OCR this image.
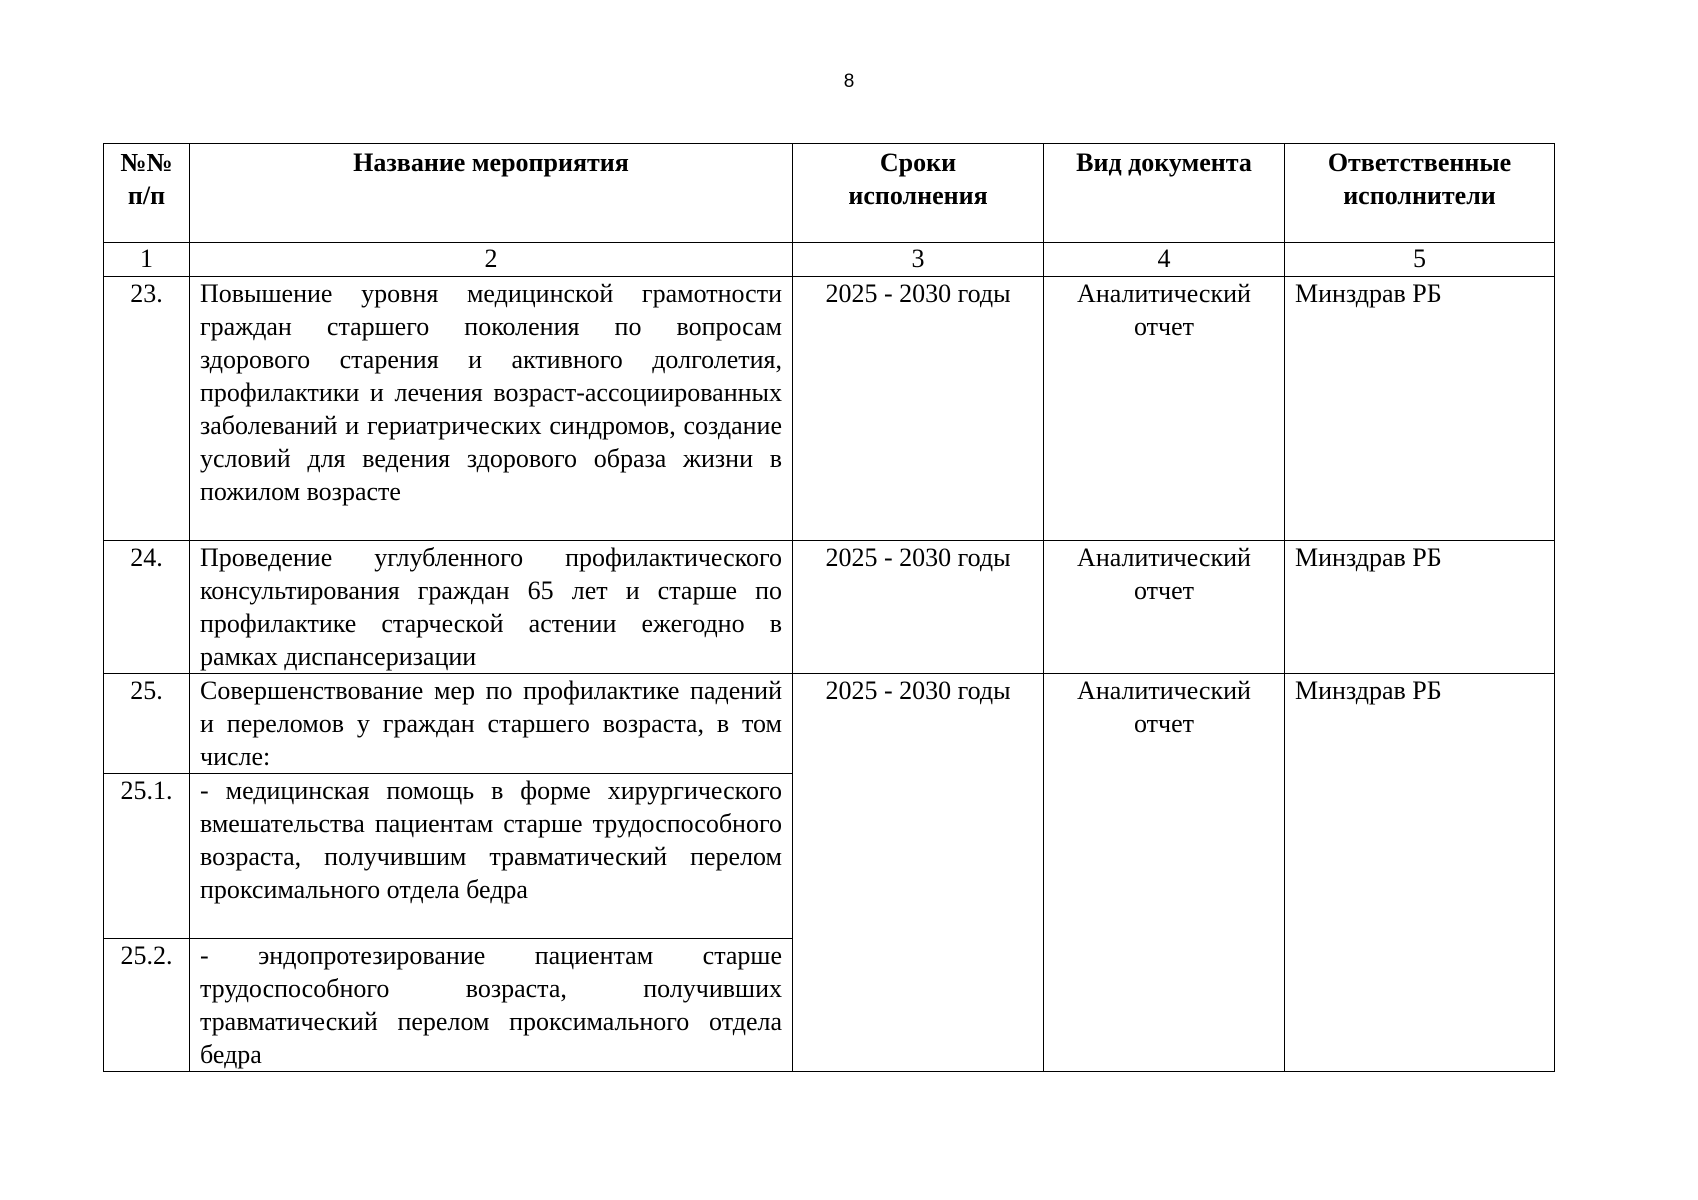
8
№№ п/п	Название мероприятия	Сроки исполнения	Вид документа	Ответственные исполнители
1	2	3	4	5
23.	Повышение уровня медицинской грамотности граждан старшего поколения по вопросам здорового старения и активного долголетия, профилактики и лечения возраст-ассоциированных заболеваний и гериатрических синдромов, создание условий для ведения здорового образа жизни в пожилом возрасте	2025 - 2030 годы	Аналитический отчет	Минздрав РБ
24.	Проведение углубленного профилактического консультирования граждан 65 лет и старше по профилактике старческой астении ежегодно в рамках диспансеризации	2025 - 2030 годы	Аналитический отчет	Минздрав РБ
25.	Совершенствование мер по профилактике падений и переломов у граждан старшего возраста, в том числе:	2025 - 2030 годы	Аналитический отчет	Минздрав РБ
25.1.	- медицинская помощь в форме хирургического вмешательства пациентам старше трудоспособного возраста, получившим травматический перелом проксимального отдела бедра			
25.2.	- эндопротезирование пациентам старше трудоспособного возраста, получивших травматический перелом проксимального отдела бедра			
